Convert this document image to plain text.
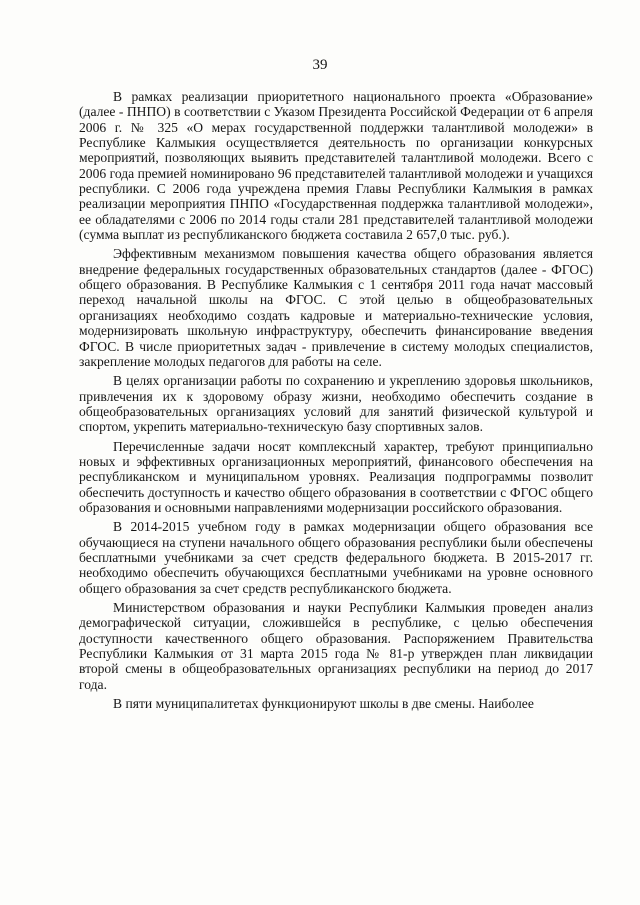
39

В рамках реализации приоритетного национального проекта «Образование» (далее - ПНПО) в соответствии с Указом Президента Российской Федерации от 6 апреля 2006 г. № 325 «О мерах государственной поддержки талантливой молодежи» в Республике Калмыкия осуществляется деятельность по организации конкурсных мероприятий, позволяющих выявить представителей талантливой молодежи. Всего с 2006 года премией номинировано 96 представителей талантливой молодежи и учащихся республики. С 2006 года учреждена премия Главы Республики Калмыкия в рамках реализации мероприятия ПНПО «Государственная поддержка талантливой молодежи», ее обладателями с 2006 по 2014 годы стали 281 представителей талантливой молодежи (сумма выплат из республиканского бюджета составила 2 657,0 тыс. руб.).

Эффективным механизмом повышения качества общего образования является внедрение федеральных государственных образовательных стандартов (далее - ФГОС) общего образования. В Республике Калмыкия с 1 сентября 2011 года начат массовый переход начальной школы на ФГОС. С этой целью в общеобразовательных организациях необходимо создать кадровые и материально-технические условия, модернизировать школьную инфраструктуру, обеспечить финансирование введения ФГОС. В числе приоритетных задач - привлечение в систему молодых специалистов, закрепление молодых педагогов для работы на селе.

В целях организации работы по сохранению и укреплению здоровья школьников, привлечения их к здоровому образу жизни, необходимо обеспечить создание в общеобразовательных организациях условий для занятий физической культурой и спортом, укрепить материально-техническую базу спортивных залов.

Перечисленные задачи носят комплексный характер, требуют принципиально новых и эффективных организационных мероприятий, финансового обеспечения на республиканском и муниципальном уровнях. Реализация подпрограммы позволит обеспечить доступность и качество общего образования в соответствии с ФГОС общего образования и основными направлениями модернизации российского образования.

В 2014-2015 учебном году в рамках модернизации общего образования все обучающиеся на ступени начального общего образования республики были обеспечены бесплатными учебниками за счет средств федерального бюджета. В 2015-2017 гг. необходимо обеспечить обучающихся бесплатными учебниками на уровне основного общего образования за счет средств республиканского бюджета.

Министерством образования и науки Республики Калмыкия проведен анализ демографической ситуации, сложившейся в республике, с целью обеспечения доступности качественного общего образования. Распоряжением Правительства Республики Калмыкия от 31 марта 2015 года № 81-р утвержден план ликвидации второй смены в общеобразовательных организациях республики на период до 2017 года.

В пяти муниципалитетах функционируют школы в две смены. Наиболее
